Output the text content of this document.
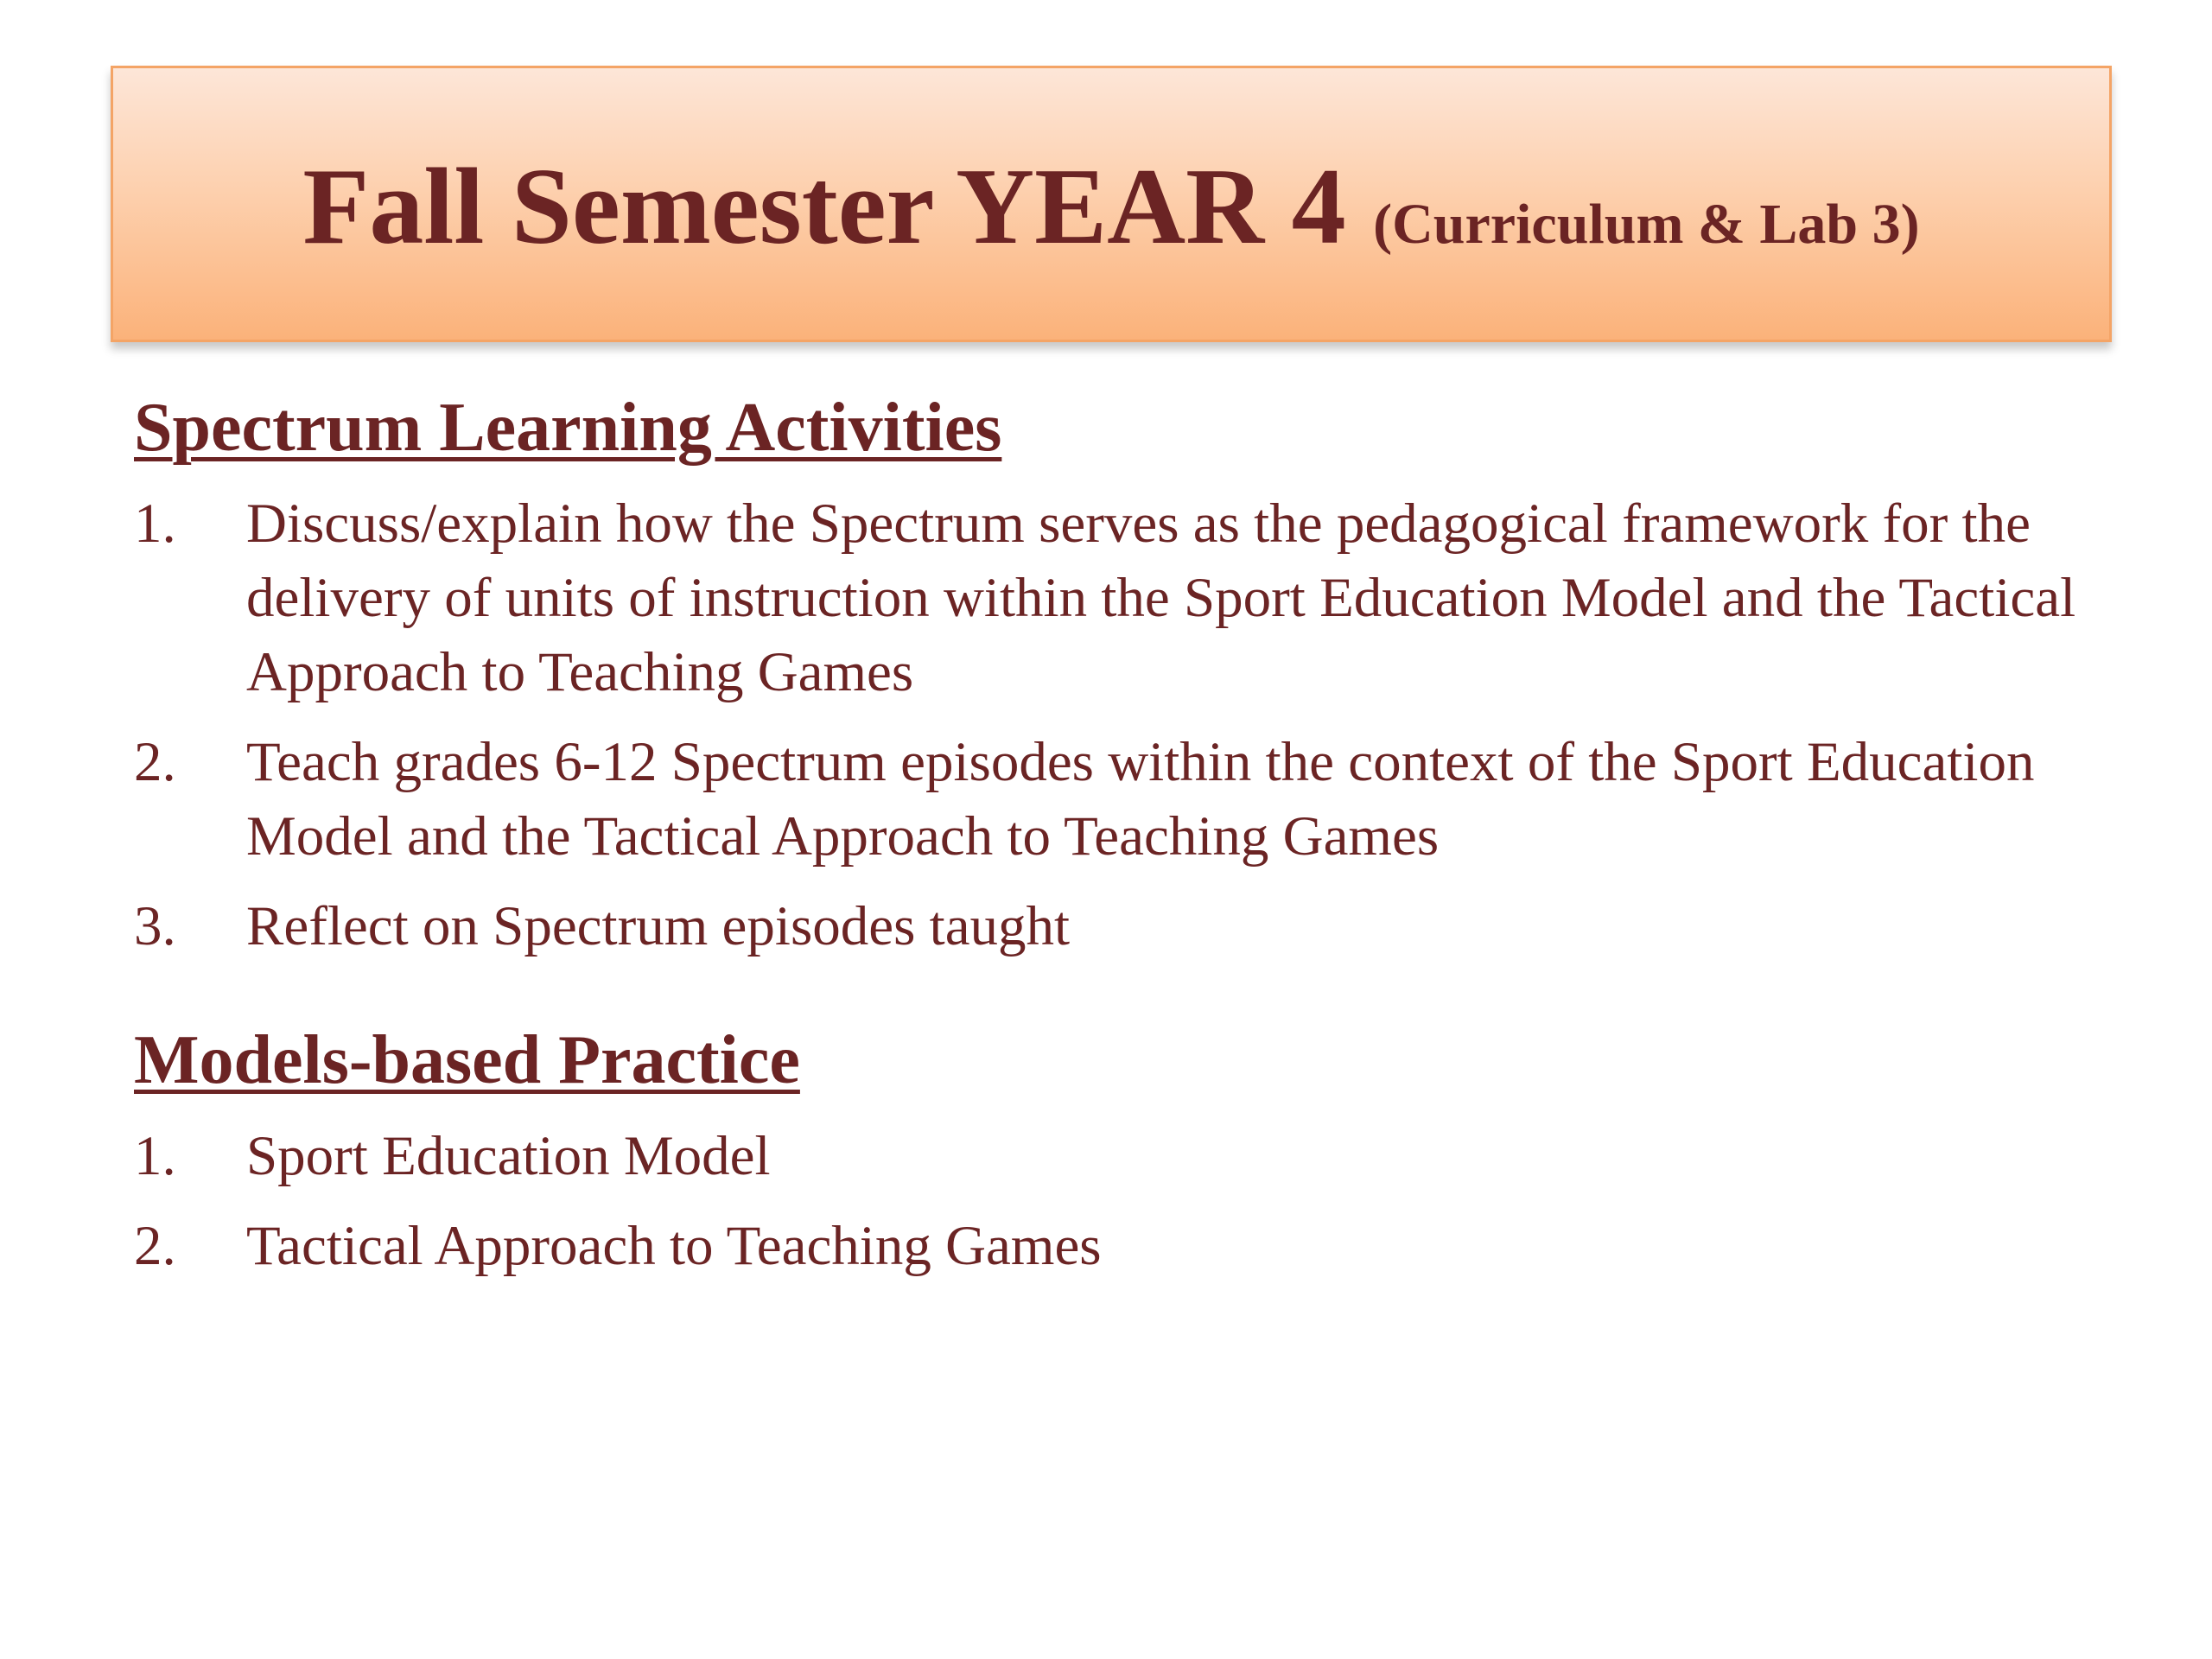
Fall Semester YEAR 4 (Curriculum & Lab 3)
Spectrum Learning Activities
1. Discuss/explain how the Spectrum serves as the pedagogical framework for the delivery of units of instruction within the Sport Education Model and the Tactical Approach to Teaching Games
2. Teach grades 6-12 Spectrum episodes within the context of the Sport Education Model and the Tactical Approach to Teaching Games
3. Reflect on Spectrum episodes taught
Models-based Practice
1. Sport Education Model
2. Tactical Approach to Teaching Games
